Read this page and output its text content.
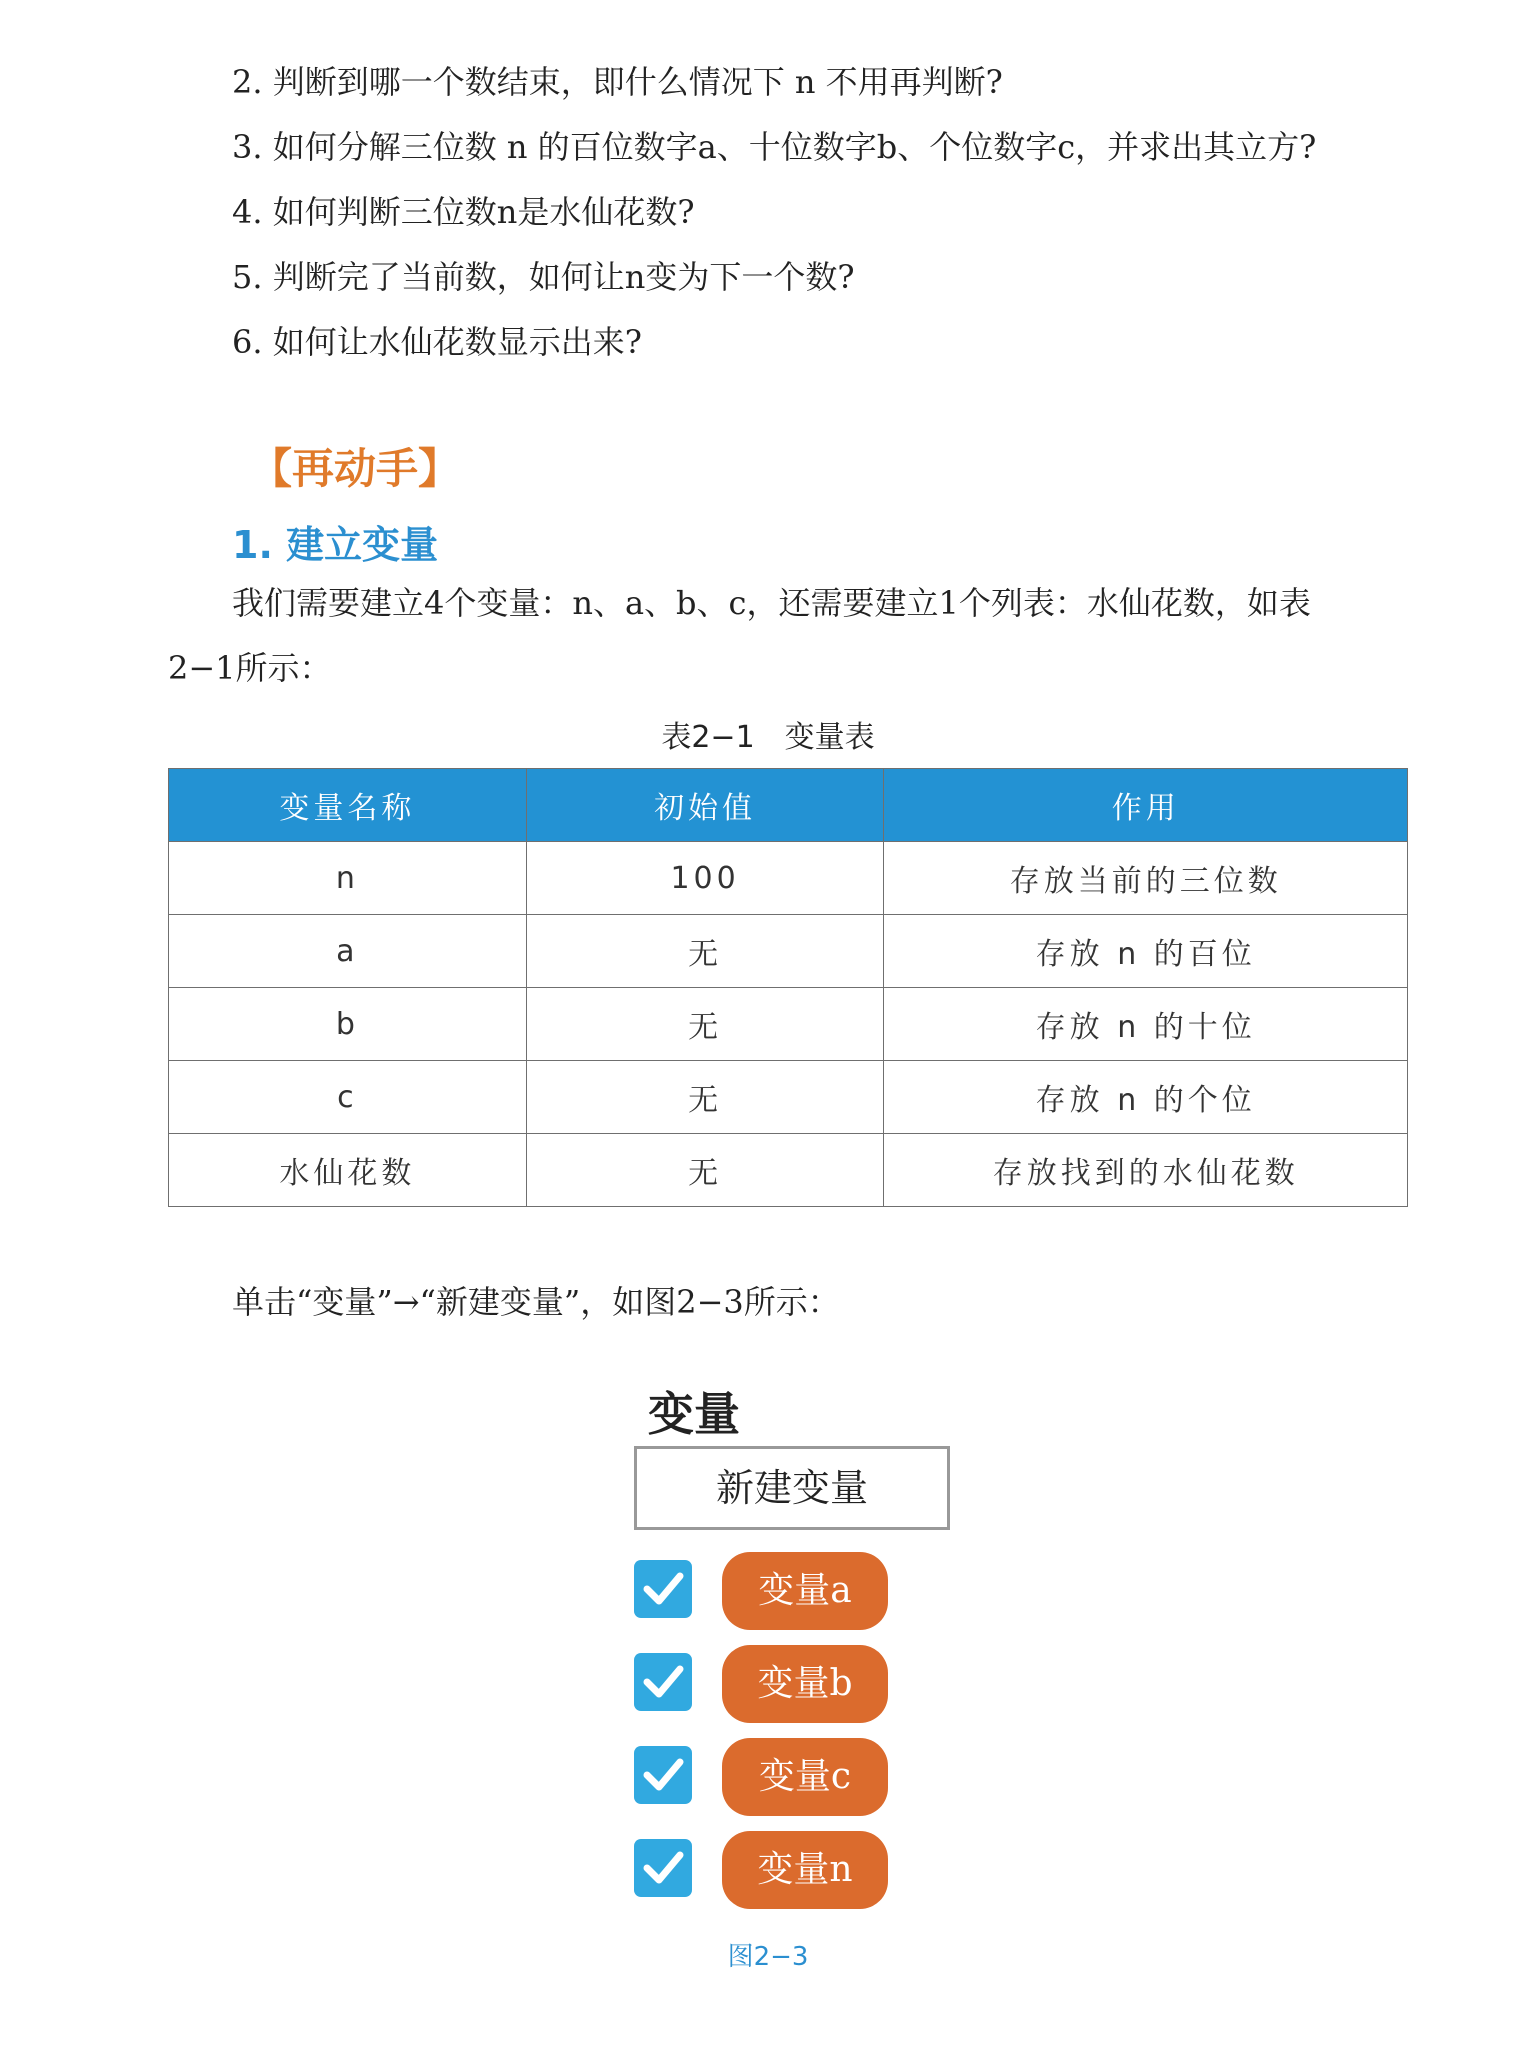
2. 判断到哪一个数结束，即什么情况下 n 不用再判断?
3. 如何分解三位数 n 的百位数字a、十位数字b、个位数字c，并求出其立方?
4. 如何判断三位数n是水仙花数?
5. 判断完了当前数，如何让n变为下一个数?
6. 如何让水仙花数显示出来?
【再动手】
1. 建立变量
我们需要建立4个变量：n、a、b、c，还需要建立1个列表：水仙花数，如表
2−1所示：
表2−1　变量表
变量名称	初始值	作用
n	100	存放当前的三位数
a	无	存放 n 的百位
b	无	存放 n 的十位
c	无	存放 n 的个位
水仙花数	无	存放找到的水仙花数
单击“变量”→“新建变量”，如图2−3所示：
变量
新建变量
变量a
变量b
变量c
变量n
图2−3
